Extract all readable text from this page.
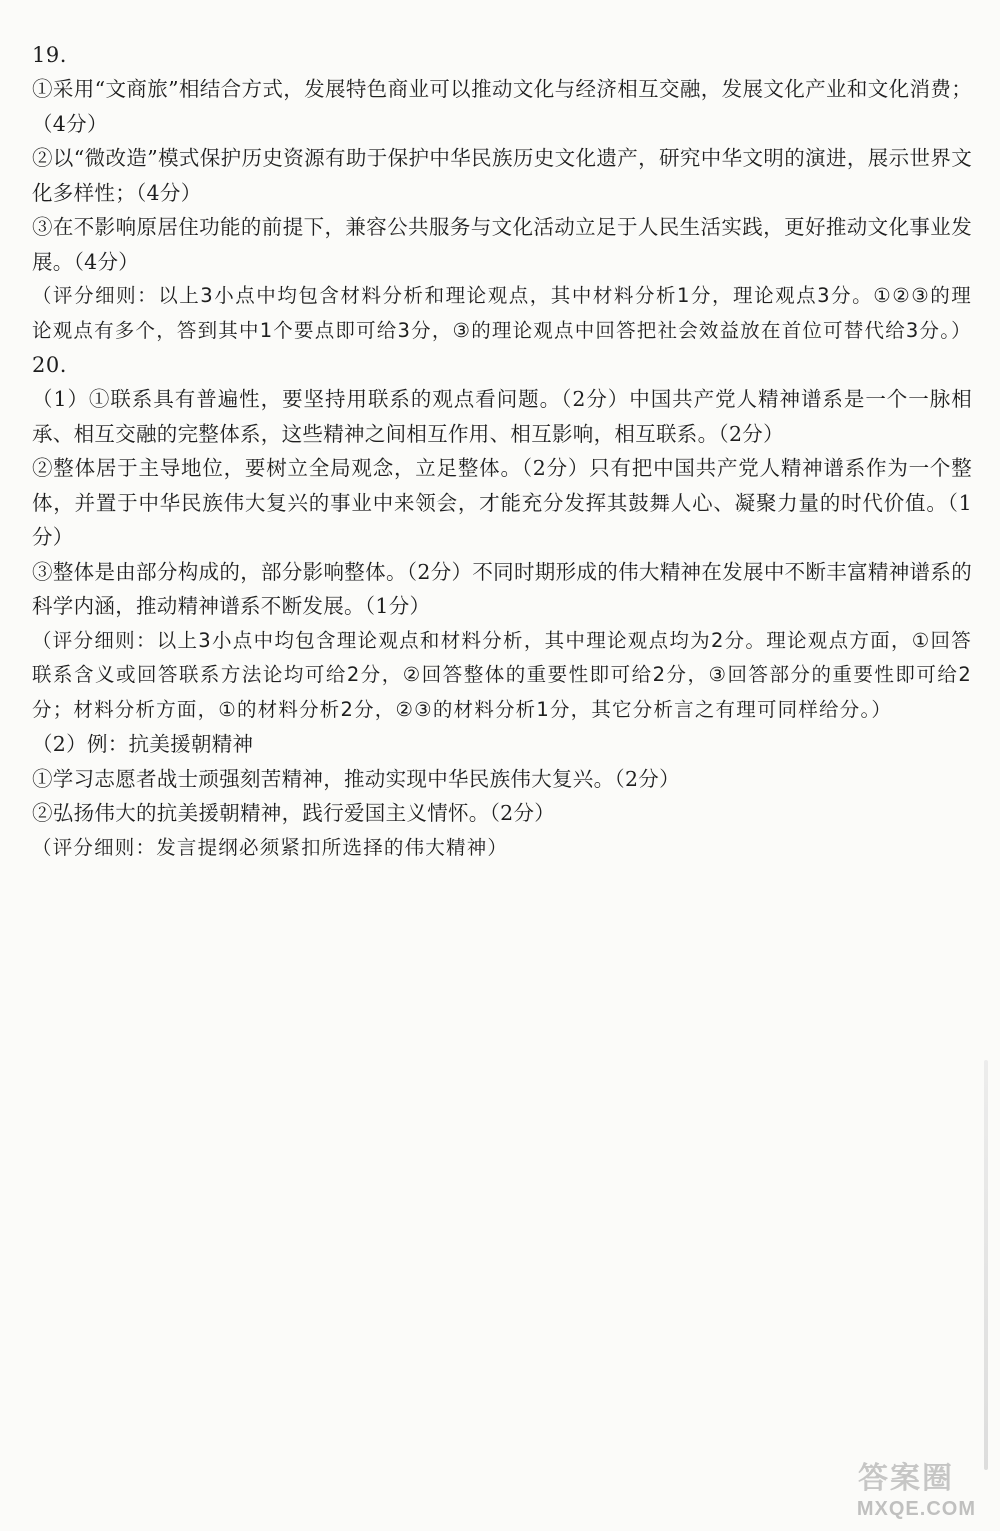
19.

①采用“文商旅”相结合方式，发展特色商业可以推动文化与经济相互交融，发展文化产业和文化消费；（4分）

②以“微改造”模式保护历史资源有助于保护中华民族历史文化遗产，研究中华文明的演进，展示世界文化多样性；（4分）

③在不影响原居住功能的前提下，兼容公共服务与文化活动立足于人民生活实践，更好推动文化事业发展。（4分）

（评分细则：以上3小点中均包含材料分析和理论观点，其中材料分析1分，理论观点3分。①②③的理论观点有多个，答到其中1个要点即可给3分，③的理论观点中回答把社会效益放在首位可替代给3分。）

20.

（1）①联系具有普遍性，要坚持用联系的观点看问题。（2分）中国共产党人精神谱系是一个一脉相承、相互交融的完整体系，这些精神之间相互作用、相互影响，相互联系。（2分）

②整体居于主导地位，要树立全局观念，立足整体。（2分）只有把中国共产党人精神谱系作为一个整体，并置于中华民族伟大复兴的事业中来领会，才能充分发挥其鼓舞人心、凝聚力量的时代价值。（1分）

③整体是由部分构成的，部分影响整体。（2分）不同时期形成的伟大精神在发展中不断丰富精神谱系的科学内涵，推动精神谱系不断发展。（1分）

（评分细则：以上3小点中均包含理论观点和材料分析，其中理论观点均为2分。理论观点方面，①回答联系含义或回答联系方法论均可给2分，②回答整体的重要性即可给2分，③回答部分的重要性即可给2分；材料分析方面，①的材料分析2分，②③的材料分析1分，其它分析言之有理可同样给分。）

（2）例：抗美援朝精神

①学习志愿者战士顽强刻苦精神，推动实现中华民族伟大复兴。（2分）

②弘扬伟大的抗美援朝精神，践行爱国主义情怀。（2分）

（评分细则：发言提纲必须紧扣所选择的伟大精神）

答案圈
MXQE.COM
